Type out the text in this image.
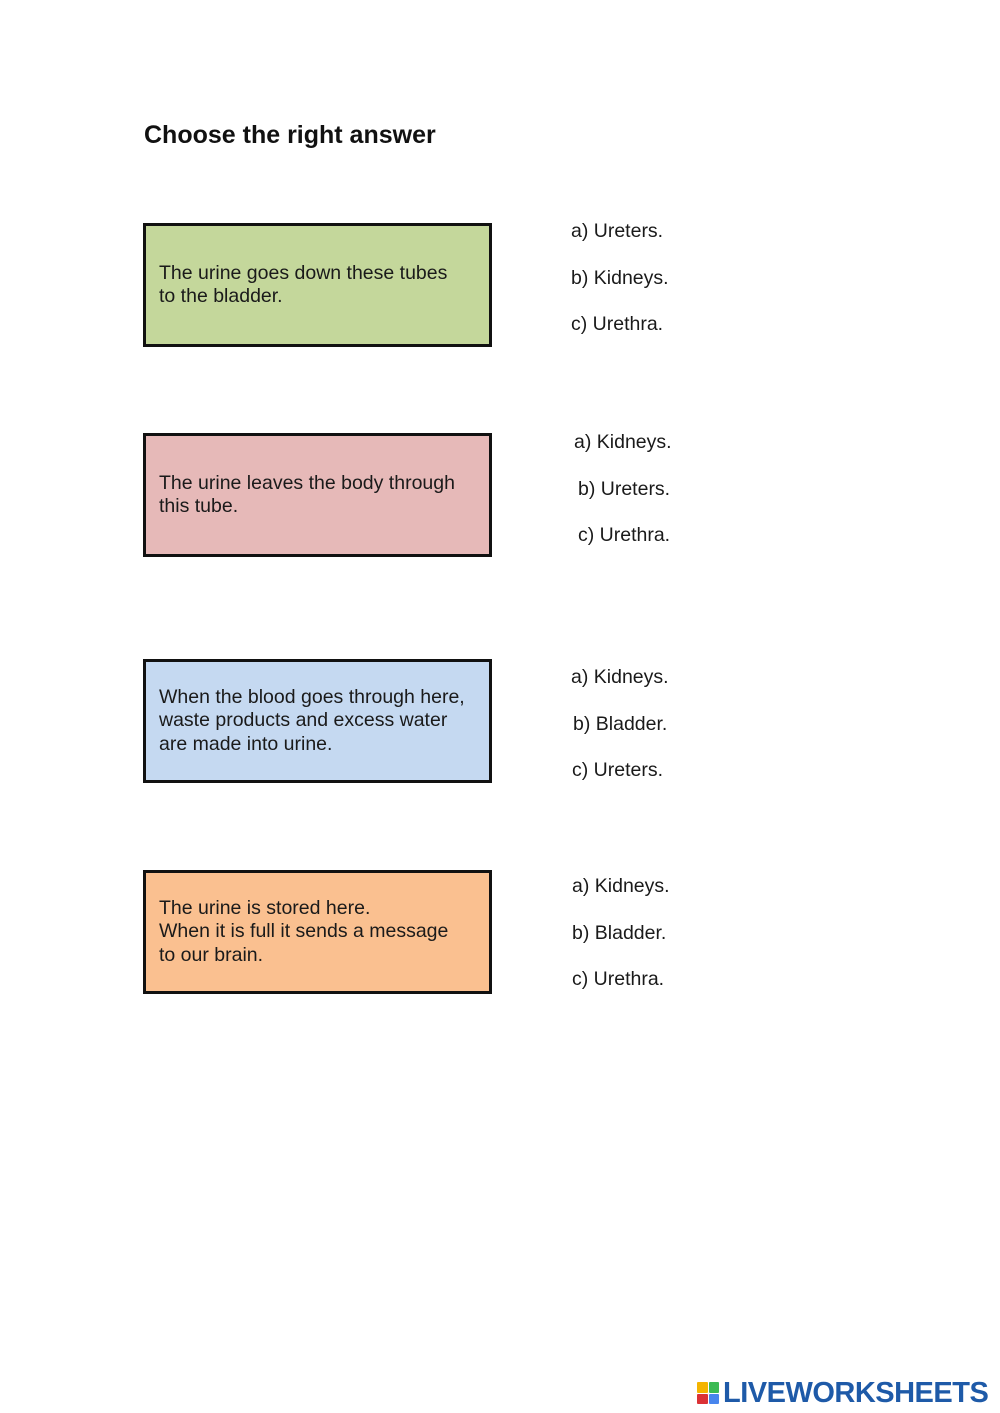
Choose the right answer
The urine goes down these tubes
to the bladder.
a) Ureters.
b) Kidneys.
c) Urethra.
The urine leaves the body through
this tube.
a) Kidneys.
b) Ureters.
c) Urethra.
When the blood goes through here,
waste products and excess water
are made into urine.
a) Kidneys.
b) Bladder.
c) Ureters.
The urine is stored here.
When it is full it sends a message
to our brain.
a) Kidneys.
b) Bladder.
c) Urethra.
LIVEWORKSHEETS
